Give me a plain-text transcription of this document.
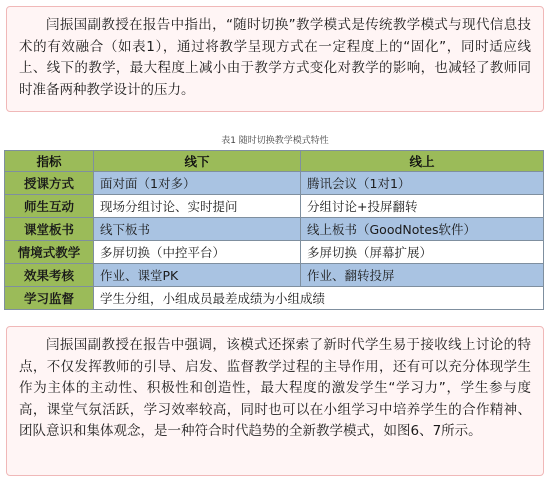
闫振国副教授在报告中指出，“随时切换”教学模式是传统教学模式与现代信息技术的有效融合（如表1），通过将教学呈现方式在一定程度上的“固化”，同时适应线上、线下的教学，最大程度上减小由于教学方式变化对教学的影响，也减轻了教师同时准备两种教学设计的压力。
表1 随时切换教学模式特性
指标	线下	线上
授课方式	面对面（1对多）	腾讯会议（1对1）
师生互动	现场分组讨论、实时提问	分组讨论+投屏翻转
课堂板书	线下板书	线上板书（GoodNotes软件）
情境式教学	多屏切换（中控平台）	多屏切换（屏幕扩展）
效果考核	作业、课堂PK	作业、翻转投屏
学习监督	学生分组，小组成员最差成绩为小组成绩	
闫振国副教授在报告中强调，该模式还探索了新时代学生易于接收线上讨论的特点，不仅发挥教师的引导、启发、监督教学过程的主导作用，还有可以充分体现学生作为主体的主动性、积极性和创造性，最大程度的激发学生“学习力”，学生参与度高，课堂气氛活跃，学习效率较高，同时也可以在小组学习中培养学生的合作精神、团队意识和集体观念，是一种符合时代趋势的全新教学模式，如图6、7所示。
